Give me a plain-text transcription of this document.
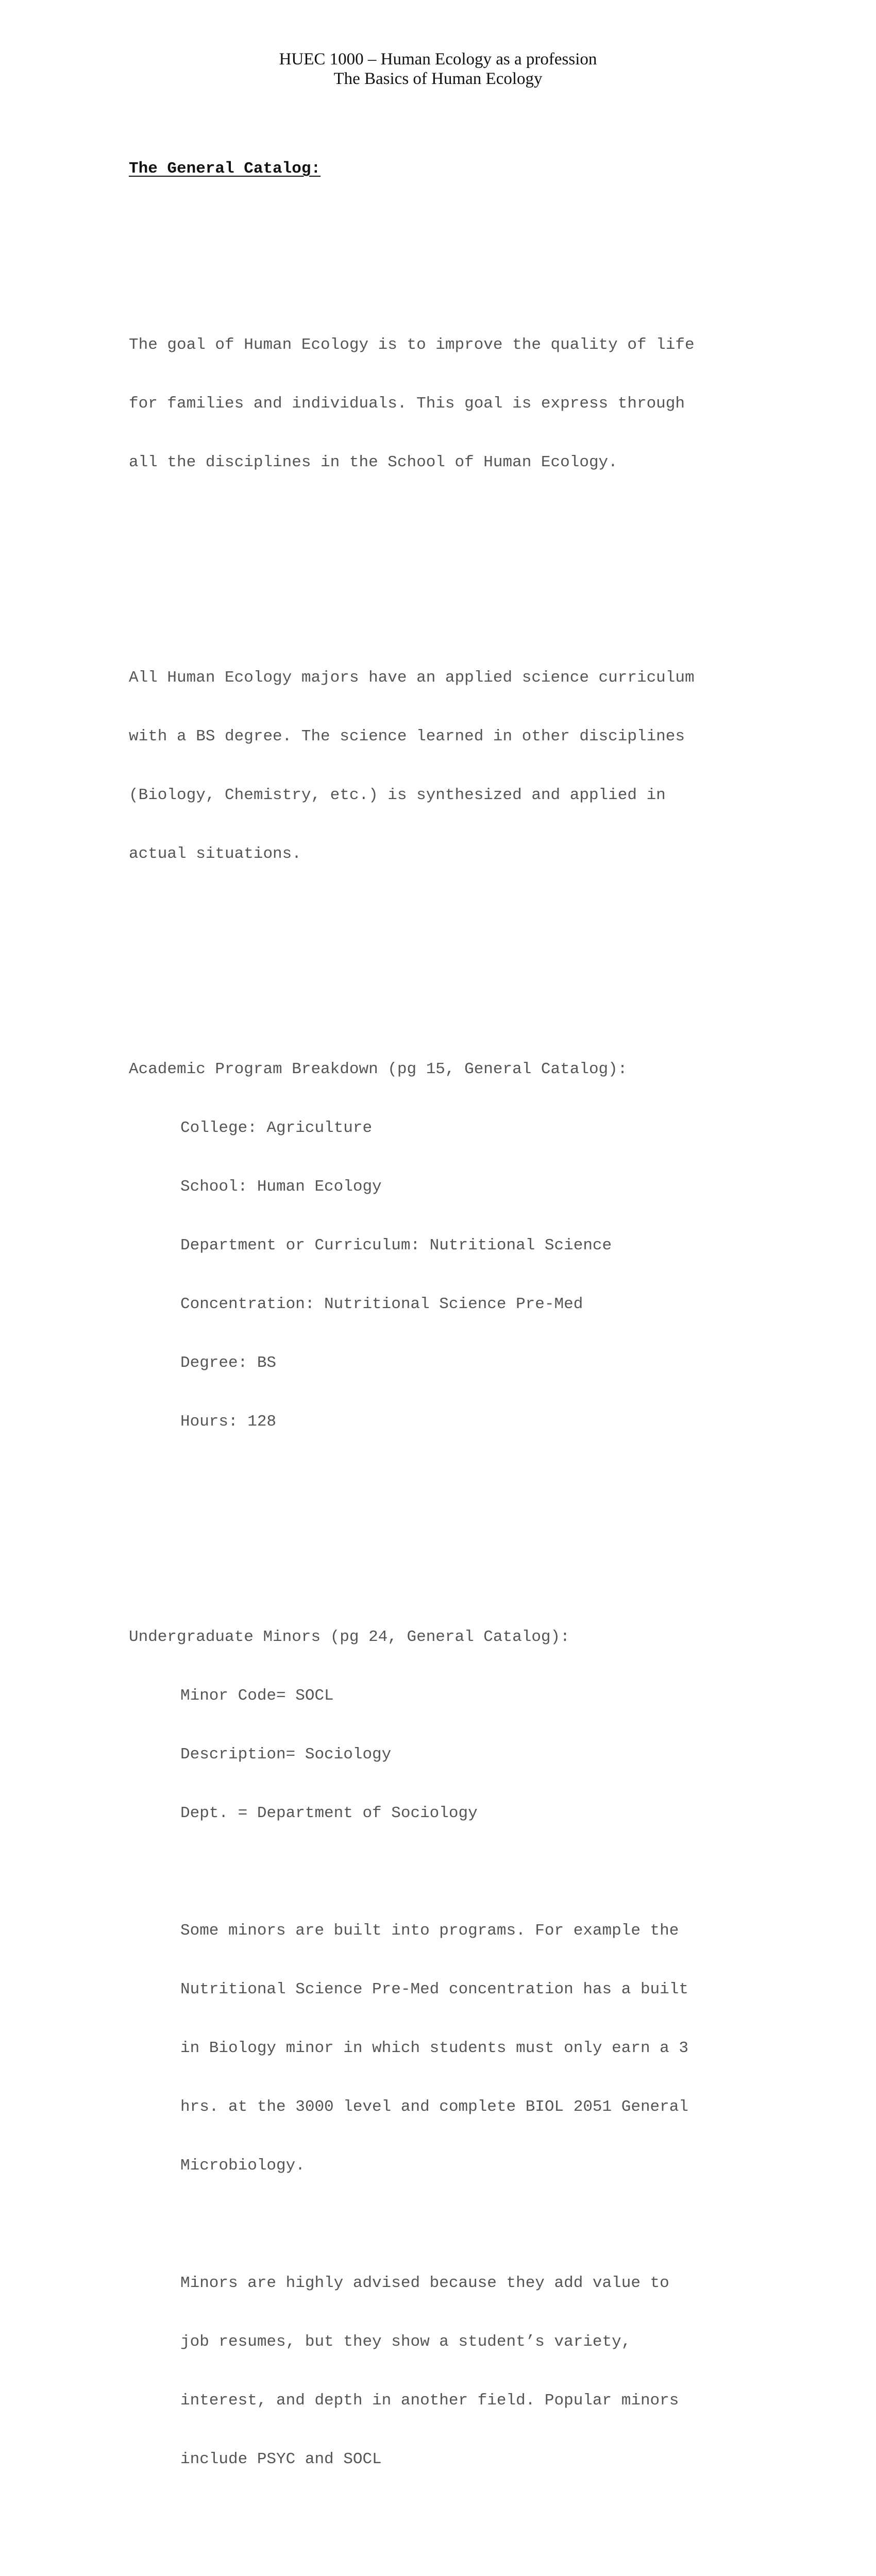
HUEC 1000 – Human Ecology as a profession
The Basics of Human Ecology

The General Catalog:

The goal of Human Ecology is to improve the quality of life

for families and individuals. This goal is express through

all the disciplines in the School of Human Ecology.

All Human Ecology majors have an applied science curriculum

with a BS degree. The science learned in other disciplines

(Biology, Chemistry, etc.) is synthesized and applied in

actual situations.

Academic Program Breakdown (pg 15, General Catalog):

College: Agriculture

School: Human Ecology

Department or Curriculum: Nutritional Science

Concentration: Nutritional Science Pre-Med

Degree: BS

Hours: 128

Undergraduate Minors (pg 24, General Catalog):

Minor Code= SOCL

Description= Sociology

Dept. = Department of Sociology

Some minors are built into programs. For example the

Nutritional Science Pre-Med concentration has a built

in Biology minor in which students must only earn a 3

hrs. at the 3000 level and complete BIOL 2051 General

Microbiology.

Minors are highly advised because they add value to

job resumes, but they show a student’s variety,

interest, and depth in another field. Popular minors

include PSYC and SOCL
